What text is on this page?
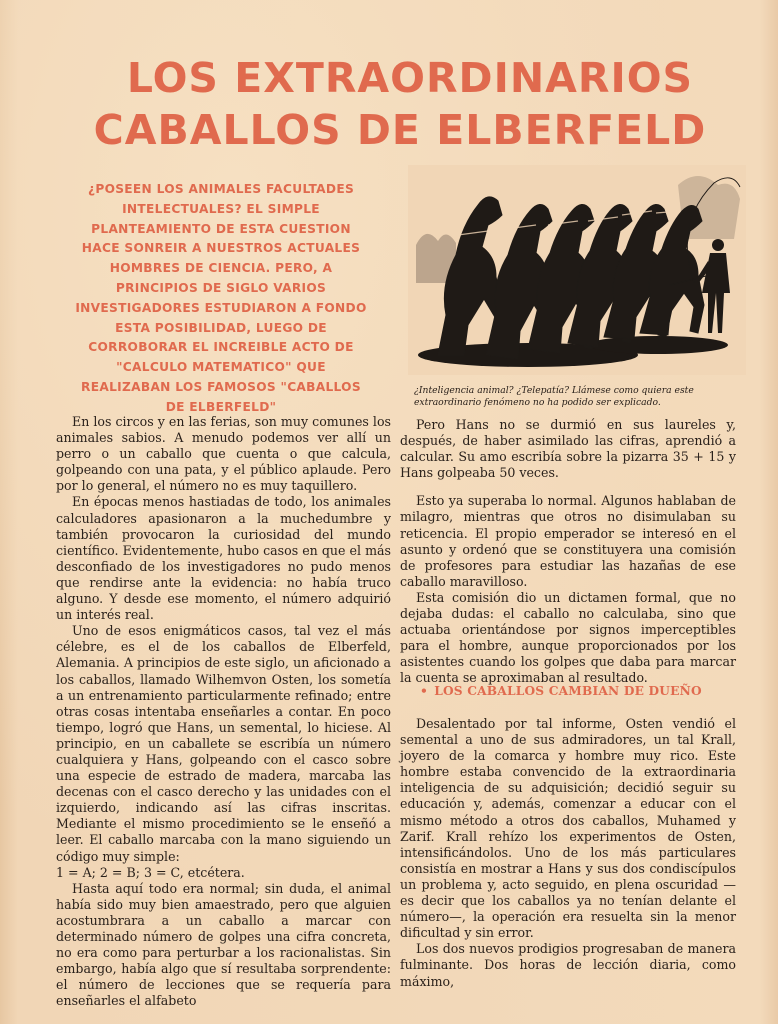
LOS EXTRAORDINARIOS
CABALLOS DE ELBERFELD
¿POSEEN LOS ANIMALES FACULTADES INTELECTUALES? EL SIMPLE PLANTEAMIENTO DE ESTA CUESTION HACE SONREIR A NUESTROS ACTUALES HOMBRES DE CIENCIA. PERO, A PRINCIPIOS DE SIGLO VARIOS INVESTIGADORES ESTUDIARON A FONDO ESTA POSIBILIDAD, LUEGO DE CORROBORAR EL INCREIBLE ACTO DE "CALCULO MATEMATICO" QUE REALIZABAN LOS FAMOSOS "CABALLOS DE ELBERFELD"
¿Inteligencia animal? ¿Telepatía? Llámese como quiera este extraordinario fenómeno no ha podido ser explicado.

En los circos y en las ferias, son muy comunes los animales sabios. A menudo podemos ver allí un perro o un caballo que cuenta o que calcula, golpeando con una pata, y el público aplaude. Pero por lo general, el número no es muy taquillero.

En épocas menos hastiadas de todo, los animales calculadores apasionaron a la muchedumbre y también provocaron la curiosidad del mundo científico. Evidentemente, hubo casos en que el más desconfiado de los investigadores no pudo menos que rendirse ante la evidencia: no había truco alguno. Y desde ese momento, el número adquirió un interés real.

Uno de esos enigmáticos casos, tal vez el más célebre, es el de los caballos de Elberfeld, Alemania. A principios de este siglo, un aficionado a los caballos, llamado Wilhemvon Osten, los sometía a un entrenamiento particularmente refinado; entre otras cosas intentaba enseñarles a contar. En poco tiempo, logró que Hans, un semental, lo hiciese. Al principio, en un caballete se escribía un número cualquiera y Hans, golpeando con el casco sobre una especie de estrado de madera, marcaba las decenas con el casco derecho y las unidades con el izquierdo, indicando así las cifras inscritas. Mediante el mismo procedimiento se le enseñó a leer. El caballo marcaba con la mano siguiendo un código muy simple:

1 = A; 2 = B; 3 = C, etcétera.

Hasta aquí todo era normal; sin duda, el animal había sido muy bien amaestrado, pero que alguien acostumbrara a un caballo a marcar con determinado número de golpes una cifra concreta, no era como para perturbar a los racionalistas. Sin embargo, había algo que sí resultaba sorprendente: el número de lecciones que se requería para enseñarles el alfabeto

Pero Hans no se durmió en sus laureles y, después, de haber asimilado las cifras, aprendió a calcular. Su amo escribía sobre la pizarra 35 + 15 y Hans golpeaba 50 veces.

Esto ya superaba lo normal. Algunos hablaban de milagro, mientras que otros no disimulaban su reticencia. El propio emperador se interesó en el asunto y ordenó que se constituyera una comisión de profesores para estudiar las hazañas de ese caballo maravilloso.

Esta comisión dio un dictamen formal, que no dejaba dudas: el caballo no calculaba, sino que actuaba orientándose por signos imperceptibles para el hombre, aunque proporcionados por los asistentes cuando los golpes que daba para marcar la cuenta se aproximaban al resultado.

• LOS CABALLOS CAMBIAN DE DUEÑO

Desalentado por tal informe, Osten vendió el semental a uno de sus admiradores, un tal Krall, joyero de la comarca y hombre muy rico. Este hombre estaba convencido de la extraordinaria inteligencia de su adquisición; decidió seguir su educación y, además, comenzar a educar con el mismo método a otros dos caballos, Muhamed y Zarif. Krall rehízo los experimentos de Osten, intensificándolos. Uno de los más particulares consistía en mostrar a Hans y sus dos condiscípulos un problema y, acto seguido, en plena oscuridad —es decir que los caballos ya no tenían delante el número—, la operación era resuelta sin la menor dificultad y sin error.

Los dos nuevos prodigios progresaban de manera fulminante. Dos horas de lección diaria, como máximo,
